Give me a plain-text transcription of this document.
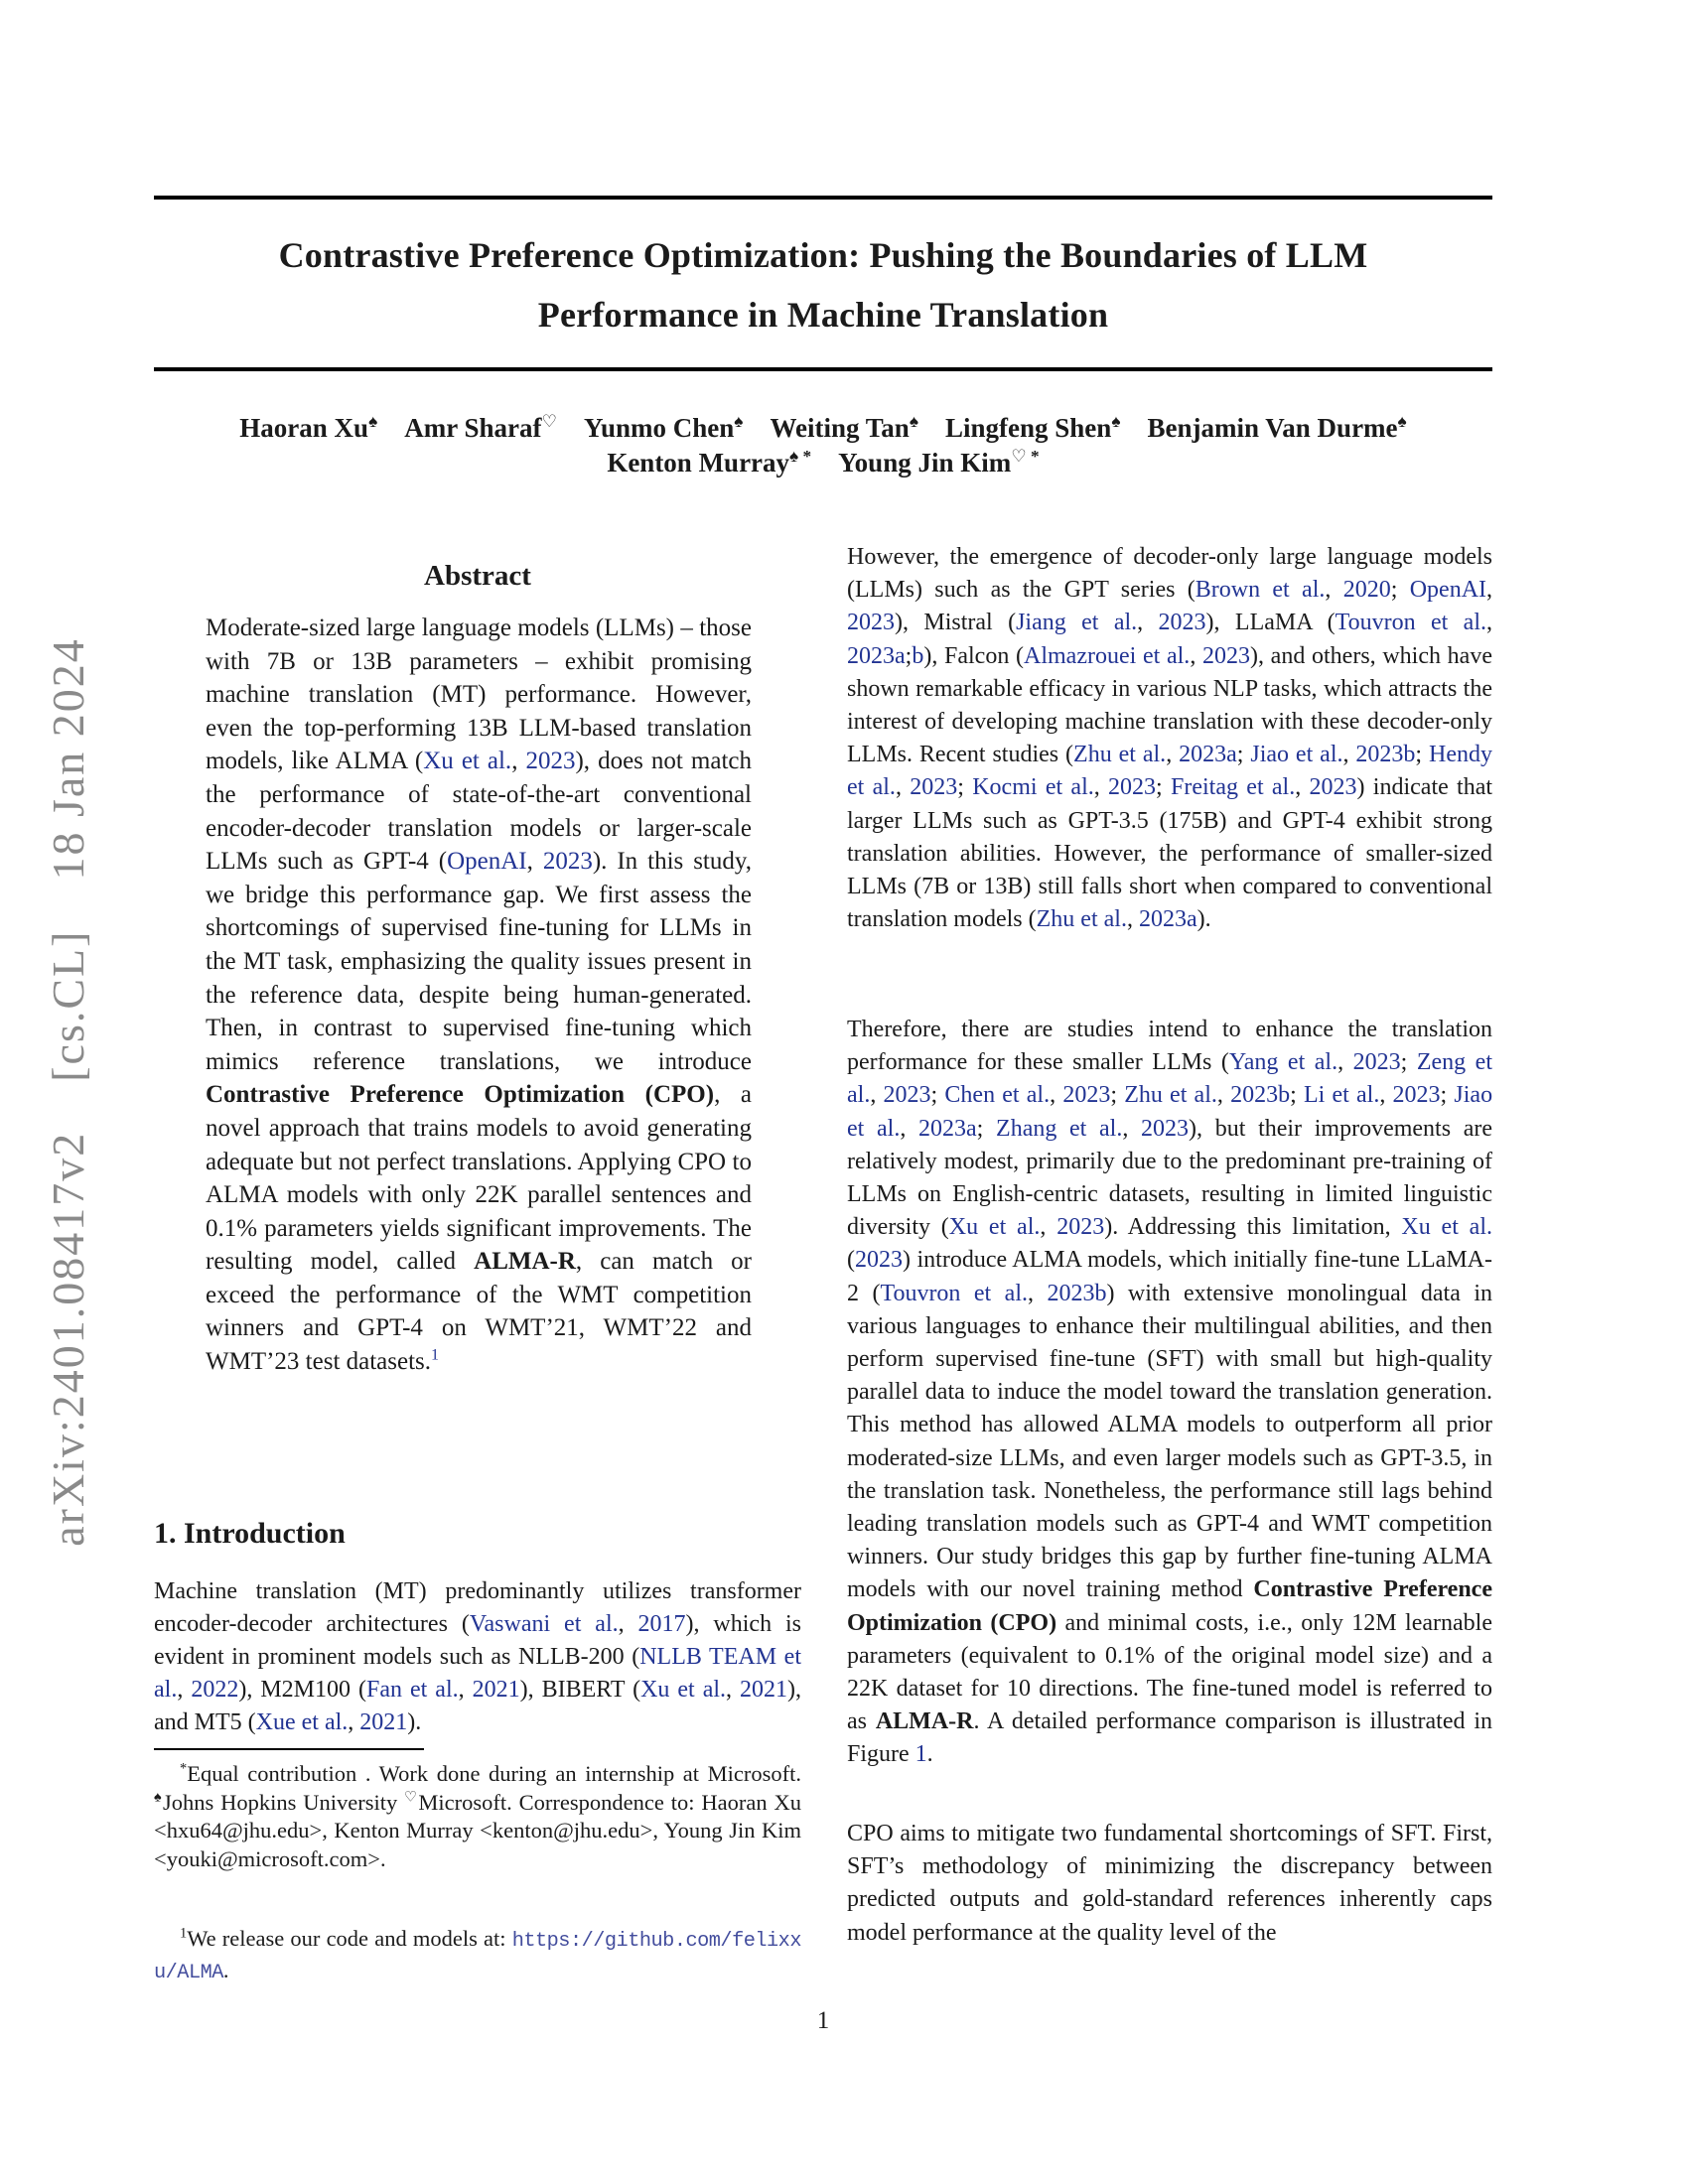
arXiv:2401.08417v2  [cs.CL]  18 Jan 2024
Contrastive Preference Optimization: Pushing the Boundaries of LLM
Performance in Machine Translation
Haoran Xu♠  Amr Sharaf♡  Yunmo Chen♠  Weiting Tan♠  Lingfeng Shen♠  Benjamin Van Durme♠
Kenton Murray♠ *  Young Jin Kim♡ *
Abstract
Moderate-sized large language models (LLMs) – those with 7B or 13B parameters – exhibit promising machine translation (MT) performance. However, even the top-performing 13B LLM-based translation models, like ALMA (Xu et al., 2023), does not match the performance of state-of-the-art conventional encoder-decoder translation models or larger-scale LLMs such as GPT-4 (OpenAI, 2023). In this study, we bridge this performance gap. We first assess the shortcomings of supervised fine-tuning for LLMs in the MT task, emphasizing the quality issues present in the reference data, despite being human-generated. Then, in contrast to supervised fine-tuning which mimics reference translations, we introduce Contrastive Preference Optimization (CPO), a novel approach that trains models to avoid generating adequate but not perfect translations. Applying CPO to ALMA models with only 22K parallel sentences and 0.1% parameters yields significant improvements. The resulting model, called ALMA-R, can match or exceed the performance of the WMT competition winners and GPT-4 on WMT’21, WMT’22 and WMT’23 test datasets.$^1$
1. Introduction
Machine translation (MT) predominantly utilizes transformer encoder-decoder architectures (Vaswani et al., 2017), which is evident in prominent models such as NLLB-200 (NLLB TEAM et al., 2022), M2M100 (Fan et al., 2021), BIBERT (Xu et al., 2021), and MT5 (Xue et al., 2021).
*Equal contribution . Work done during an internship at Microsoft. ♠Johns Hopkins University ♡Microsoft. Correspondence to: Haoran Xu <hxu64@jhu.edu>, Kenton Murray <kenton@jhu.edu>, Young Jin Kim <youki@microsoft.com>.
$^1$We release our code and models at: https://github.com/felixxu/ALMA.
However, the emergence of decoder-only large language models (LLMs) such as the GPT series (Brown et al., 2020; OpenAI, 2023), Mistral (Jiang et al., 2023), LLaMA (Touvron et al., 2023a;b), Falcon (Almazrouei et al., 2023), and others, which have shown remarkable efficacy in various NLP tasks, which attracts the interest of developing machine translation with these decoder-only LLMs. Recent studies (Zhu et al., 2023a; Jiao et al., 2023b; Hendy et al., 2023; Kocmi et al., 2023; Freitag et al., 2023) indicate that larger LLMs such as GPT-3.5 (175B) and GPT-4 exhibit strong translation abilities. However, the performance of smaller-sized LLMs (7B or 13B) still falls short when compared to conventional translation models (Zhu et al., 2023a).
Therefore, there are studies intend to enhance the translation performance for these smaller LLMs (Yang et al., 2023; Zeng et al., 2023; Chen et al., 2023; Zhu et al., 2023b; Li et al., 2023; Jiao et al., 2023a; Zhang et al., 2023), but their improvements are relatively modest, primarily due to the predominant pre-training of LLMs on English-centric datasets, resulting in limited linguistic diversity (Xu et al., 2023). Addressing this limitation, Xu et al. (2023) introduce ALMA models, which initially fine-tune LLaMA-2 (Touvron et al., 2023b) with extensive monolingual data in various languages to enhance their multilingual abilities, and then perform supervised fine-tune (SFT) with small but high-quality parallel data to induce the model toward the translation generation. This method has allowed ALMA models to outperform all prior moderated-size LLMs, and even larger models such as GPT-3.5, in the translation task. Nonetheless, the performance still lags behind leading translation models such as GPT-4 and WMT competition winners. Our study bridges this gap by further fine-tuning ALMA models with our novel training method Contrastive Preference Optimization (CPO) and minimal costs, i.e., only 12M learnable parameters (equivalent to 0.1% of the original model size) and a 22K dataset for 10 directions. The fine-tuned model is referred to as ALMA-R. A detailed performance comparison is illustrated in Figure 1.
CPO aims to mitigate two fundamental shortcomings of SFT. First, SFT’s methodology of minimizing the discrepancy between predicted outputs and gold-standard references inherently caps model performance at the quality level of the
1
